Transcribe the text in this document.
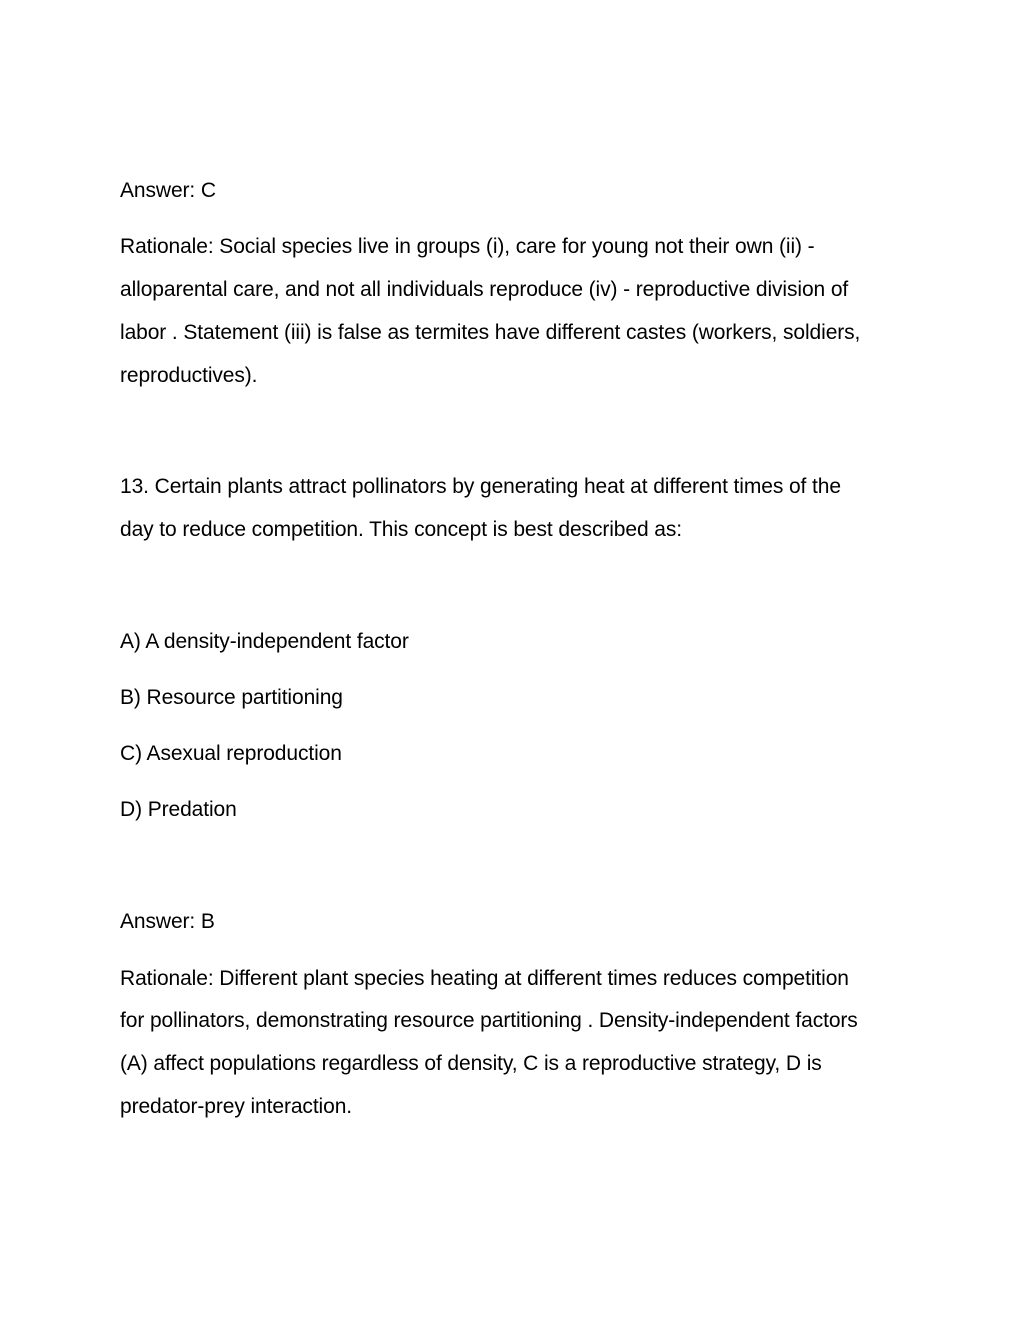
Answer: C
Rationale: Social species live in groups (i), care for young not their own (ii) -
alloparental care, and not all individuals reproduce (iv) - reproductive division of
labor . Statement (iii) is false as termites have different castes (workers, soldiers,
reproductives).
13. Certain plants attract pollinators by generating heat at different times of the
day to reduce competition. This concept is best described as:
A) A density-independent factor
B) Resource partitioning
C) Asexual reproduction
D) Predation
Answer: B
Rationale: Different plant species heating at different times reduces competition
for pollinators, demonstrating resource partitioning . Density-independent factors
(A) affect populations regardless of density, C is a reproductive strategy, D is
predator-prey interaction.
